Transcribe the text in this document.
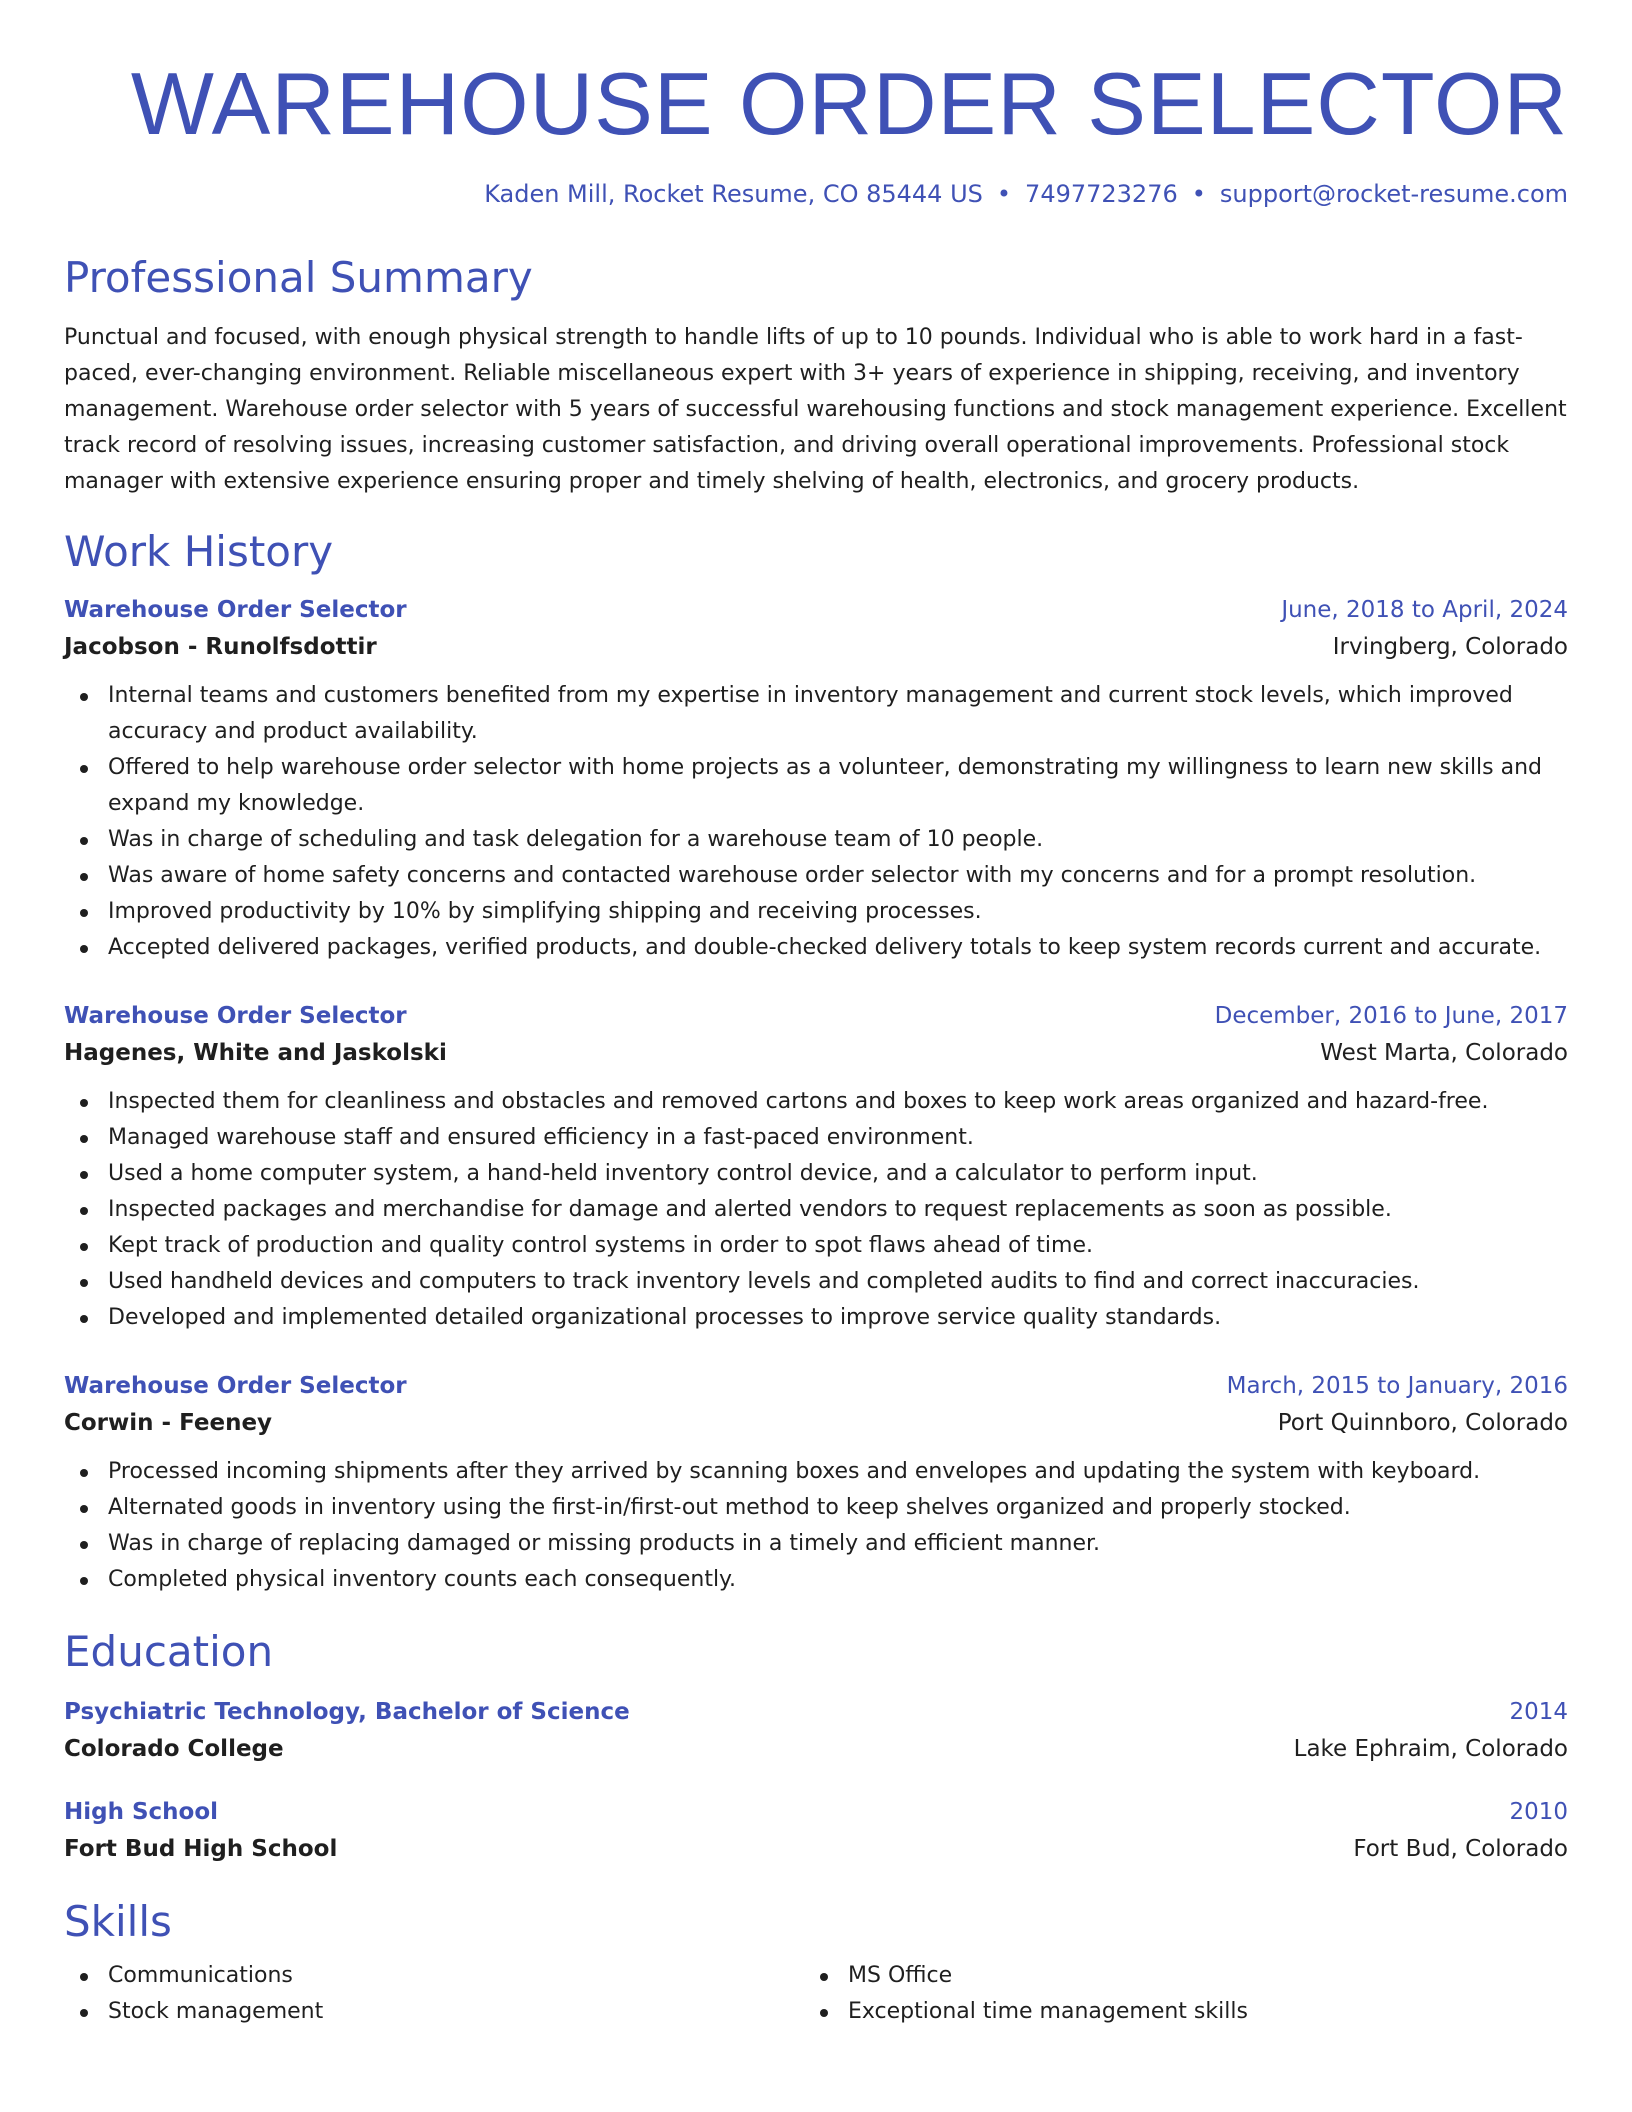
WAREHOUSE ORDER SELECTOR
Kaden Mill, Rocket Resume, CO 85444 US • 7497723276 • support@rocket-resume.com
Professional Summary
Punctual and focused, with enough physical strength to handle lifts of up to 10 pounds. Individual who is able to work hard in a fast-paced, ever-changing environment. Reliable miscellaneous expert with 3+ years of experience in shipping, receiving, and inventory management. Warehouse order selector with 5 years of successful warehousing functions and stock management experience. Excellent track record of resolving issues, increasing customer satisfaction, and driving overall operational improvements. Professional stock manager with extensive experience ensuring proper and timely shelving of health, electronics, and grocery products.
Work History
Warehouse Order Selector	June, 2018 to April, 2024
Jacobson - Runolfsdottir	Irvingberg, Colorado
Internal teams and customers benefited from my expertise in inventory management and current stock levels, which improved accuracy and product availability.
Offered to help warehouse order selector with home projects as a volunteer, demonstrating my willingness to learn new skills and expand my knowledge.
Was in charge of scheduling and task delegation for a warehouse team of 10 people.
Was aware of home safety concerns and contacted warehouse order selector with my concerns and for a prompt resolution.
Improved productivity by 10% by simplifying shipping and receiving processes.
Accepted delivered packages, verified products, and double-checked delivery totals to keep system records current and accurate.
Warehouse Order Selector	December, 2016 to June, 2017
Hagenes, White and Jaskolski	West Marta, Colorado
Inspected them for cleanliness and obstacles and removed cartons and boxes to keep work areas organized and hazard-free.
Managed warehouse staff and ensured efficiency in a fast-paced environment.
Used a home computer system, a hand-held inventory control device, and a calculator to perform input.
Inspected packages and merchandise for damage and alerted vendors to request replacements as soon as possible.
Kept track of production and quality control systems in order to spot flaws ahead of time.
Used handheld devices and computers to track inventory levels and completed audits to find and correct inaccuracies.
Developed and implemented detailed organizational processes to improve service quality standards.
Warehouse Order Selector	March, 2015 to January, 2016
Corwin - Feeney	Port Quinnboro, Colorado
Processed incoming shipments after they arrived by scanning boxes and envelopes and updating the system with keyboard.
Alternated goods in inventory using the first-in/first-out method to keep shelves organized and properly stocked.
Was in charge of replacing damaged or missing products in a timely and efficient manner.
Completed physical inventory counts each consequently.
Education
Psychiatric Technology, Bachelor of Science	2014
Colorado College	Lake Ephraim, Colorado
High School	2010
Fort Bud High School	Fort Bud, Colorado
Skills
Communications
Stock management
MS Office
Exceptional time management skills
